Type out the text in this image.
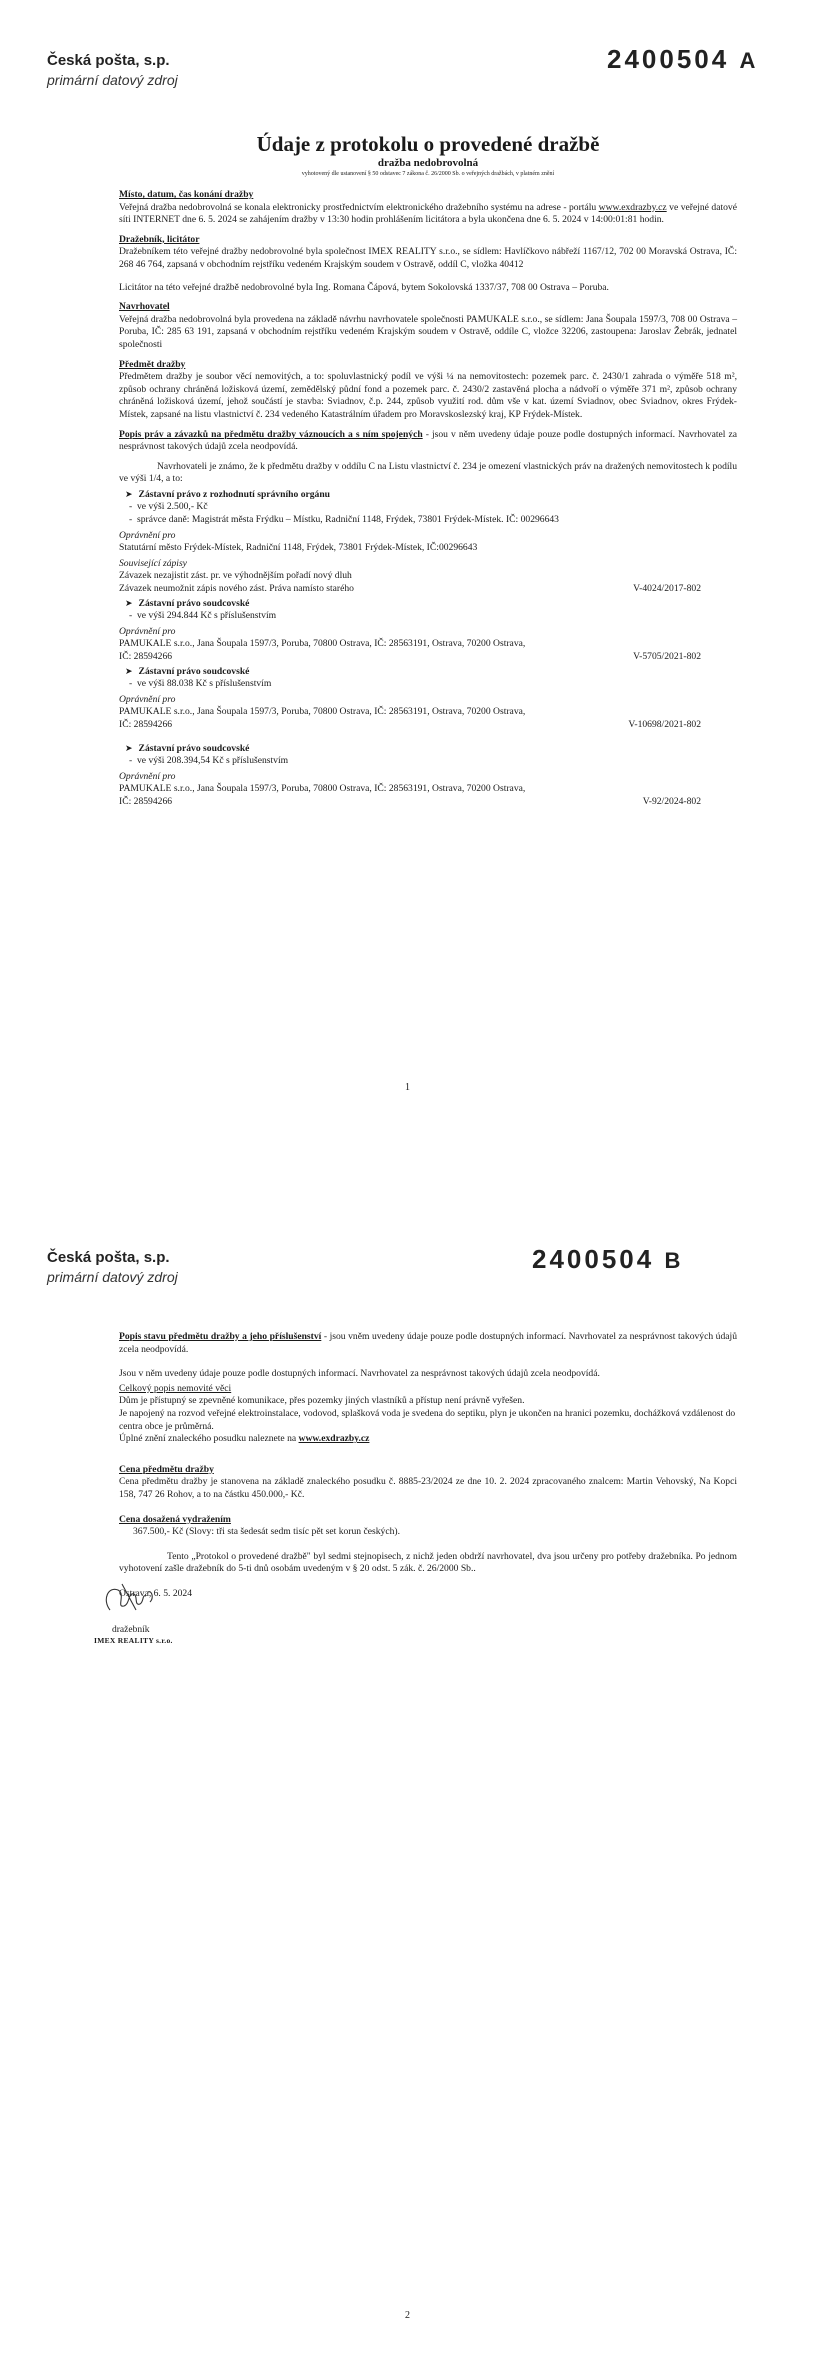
Česká pošta, s.p.
primární datový zdroj
2400504 A
Údaje z protokolu o provedené dražbě
dražba nedobrovolná
vyhotovený dle ustanovení § 50 odstavec 7 zákona č. 26/2000 Sb. o veřejných dražbách, v platném znění
Místo, datum, čas konání dražby

Veřejná dražba nedobrovolná se konala elektronicky prostřednictvím elektronického dražebního systému na adrese - portálu www.exdrazby.cz ve veřejné datové síti INTERNET dne 6. 5. 2024 se zahájením dražby v 13:30 hodin prohlášením licitátora a byla ukončena dne 6. 5. 2024 v 14:00:01:81 hodin.

Dražebník, licitátor

Dražebníkem této veřejné dražby nedobrovolné byla společnost IMEX REALITY s.r.o., se sídlem: Havlíčkovo nábřeží 1167/12, 702 00 Moravská Ostrava, IČ: 268 46 764, zapsaná v obchodním rejstříku vedeném Krajským soudem v Ostravě, oddíl C, vložka 40412

Licitátor na této veřejné dražbě nedobrovolné byla Ing. Romana Čápová, bytem Sokolovská 1337/37, 708 00 Ostrava – Poruba.

Navrhovatel

Veřejná dražba nedobrovolná byla provedena na základě návrhu navrhovatele společnosti PAMUKALE s.r.o., se sídlem: Jana Šoupala 1597/3, 708 00 Ostrava – Poruba, IČ: 285 63 191, zapsaná v obchodním rejstříku vedeném Krajským soudem v Ostravě, oddíle C, vložce 32206, zastoupena: Jaroslav Žebrák, jednatel společnosti

Předmět dražby

Předmětem dražby je soubor věcí nemovitých, a to: spoluvlastnický podíl ve výši ¼ na nemovitostech: pozemek parc. č. 2430/1 zahrada o výměře 518 m², způsob ochrany chráněná ložisková území, zemědělský půdní fond a pozemek parc. č. 2430/2 zastavěná plocha a nádvoří o výměře 371 m², způsob ochrany chráněná ložisková území, jehož součástí je stavba: Sviadnov, č.p. 244, způsob využití rod. dům vše v kat. území Sviadnov, obec Sviadnov, okres Frýdek-Místek, zapsané na listu vlastnictví č. 234 vedeného Katastrálním úřadem pro Moravskoslezský kraj, KP Frýdek-Místek.

Popis práv a závazků na předmětu dražby váznoucích a s ním spojených - jsou v něm uvedeny údaje pouze podle dostupných informací. Navrhovatel za nesprávnost takových údajů zcela neodpovídá.

Navrhovateli je známo, že k předmětu dražby v oddílu C na Listu vlastnictví č. 234 je omezení vlastnických práv na dražených nemovitostech k podílu ve výši 1/4, a to:

➤ Zástavní právo z rozhodnutí správního orgánu
- ve výši 2.500,- Kč
- správce daně: Magistrát města Frýdku – Místku, Radniční 1148, Frýdek, 73801 Frýdek-Místek. IČ: 00296643
Oprávnění pro
Statutární město Frýdek-Místek, Radniční 1148, Frýdek, 73801 Frýdek-Místek, IČ:00296643
Související zápisy
Závazek nezajistit zást. pr. ve výhodnějším pořadí nový dluh
Závazek neumožnit zápis nového zást. Práva namísto starého	V-4024/2017-802
➤ Zástavní právo soudcovské
- ve výši 294.844 Kč s příslušenstvím
Oprávnění pro
PAMUKALE s.r.o., Jana Šoupala 1597/3, Poruba, 70800 Ostrava, IČ: 28563191, Ostrava, 70200 Ostrava,
IČ: 28594266	V-5705/2021-802
➤ Zástavní právo soudcovské
- ve výši 88.038 Kč s příslušenstvím
Oprávnění pro
PAMUKALE s.r.o., Jana Šoupala 1597/3, Poruba, 70800 Ostrava, IČ: 28563191, Ostrava, 70200 Ostrava,
IČ: 28594266	V-10698/2021-802
➤ Zástavní právo soudcovské
- ve výši 208.394,54 Kč s příslušenstvím
Oprávnění pro
PAMUKALE s.r.o., Jana Šoupala 1597/3, Poruba, 70800 Ostrava, IČ: 28563191, Ostrava, 70200 Ostrava,
IČ: 28594266	V-92/2024-802
1
Česká pošta, s.p.
primární datový zdroj
2400504 B

Popis stavu předmětu dražby a jeho příslušenství - jsou vněm uvedeny údaje pouze podle dostupných informací. Navrhovatel za nesprávnost takových údajů zcela neodpovídá.

Jsou v něm uvedeny údaje pouze podle dostupných informací. Navrhovatel za nesprávnost takových údajů zcela neodpovídá.

Celkový popis nemovité věci
Dům je přístupný se zpevněné komunikace, přes pozemky jiných vlastníků a přístup není právně vyřešen.
Je napojený na rozvod veřejné elektroinstalace, vodovod, splašková voda je svedena do septiku, plyn je ukončen na hranici pozemku, dochážková vzdálenost do centra obce je průměrná.
Úplné znění znaleckého posudku naleznete na www.exdrazby.cz
Cena předmětu dražby

Cena předmětu dražby je stanovena na základě znaleckého posudku č. 8885-23/2024 ze dne 10. 2. 2024 zpracovaného znalcem: Martin Vehovský, Na Kopci 158, 747 26 Rohov, a to na částku 450.000,- Kč.

Cena dosažená vydražením

367.500,- Kč (Slovy: tři sta šedesát sedm tisíc pět set korun českých).

Tento „Protokol o provedené dražbě" byl sedmi stejnopisech, z nichž jeden obdrží navrhovatel, dva jsou určeny pro potřeby dražebníka. Po jednom vyhotovení zašle dražebník do 5-ti dnů osobám uvedeným v § 20 odst. 5 zák. č. 26/2000 Sb..

Ostrava, 6. 5. 2024

2
dražebník
IMEX REALITY s.r.o.
